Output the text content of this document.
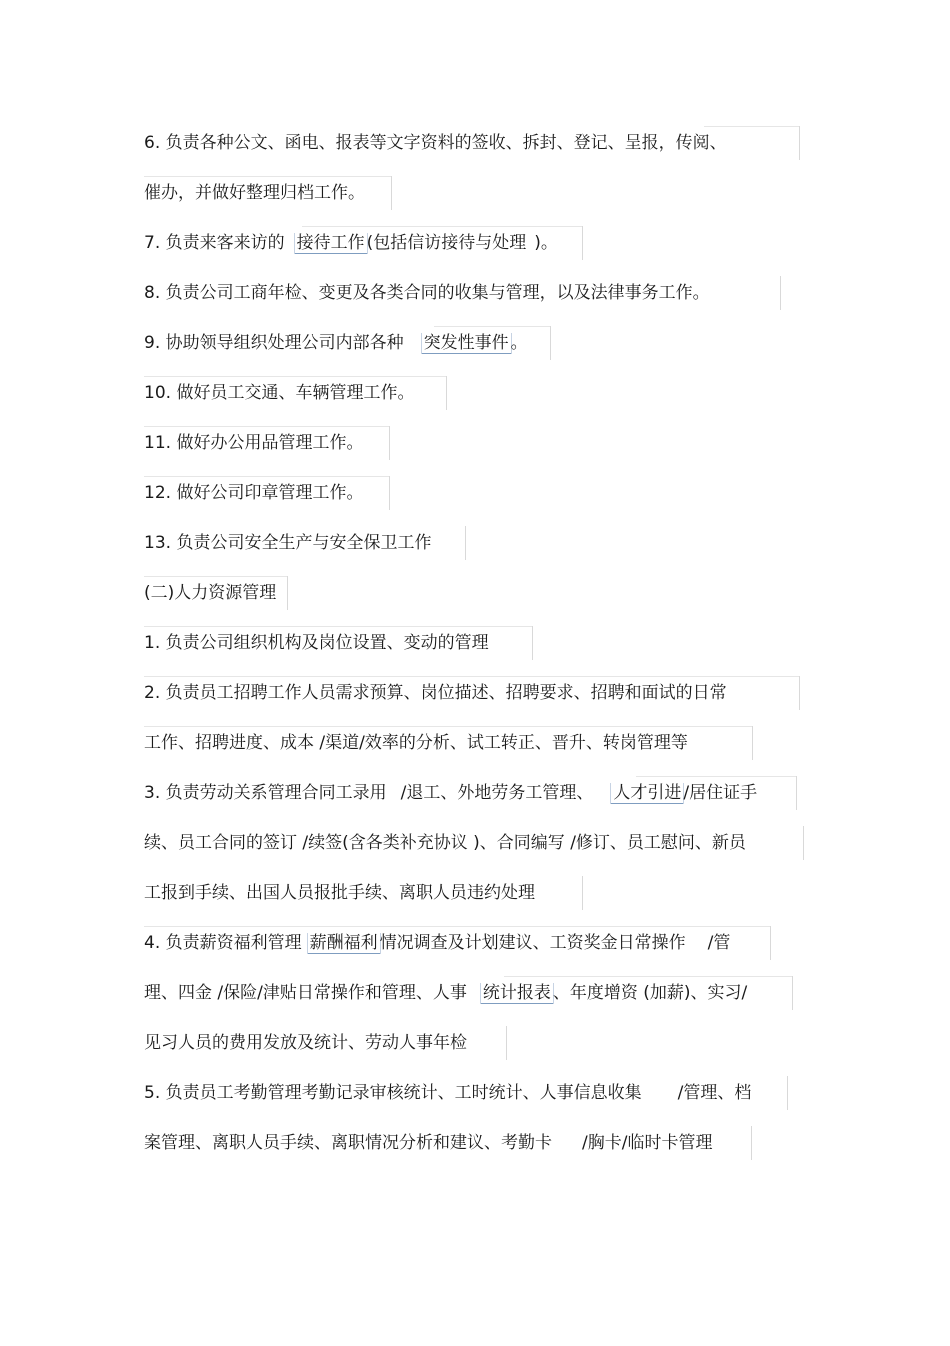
6. 负责各种公文、函电、报表等文字资料的签收、拆封、登记、呈报，传阅、
催办，并做好整理归档工作。
7. 负责来客来访的 接待工作 (包括信访接待与处理 )。
8. 负责公司工商年检、变更及各类合同的收集与管理，以及法律事务工作。
9. 协助领导组织处理公司内部各种 突发性事件 。
10. 做好员工交通、车辆管理工作。
11. 做好办公用品管理工作。
12. 做好公司印章管理工作。
13. 负责公司安全生产与安全保卫工作
(二)人力资源管理
1. 负责公司组织机构及岗位设置、变动的管理
2. 负责员工招聘工作人员需求预算、岗位描述、招聘要求、招聘和面试的日常
工作、招聘进度、成本 /渠道/效率的分析、试工转正、晋升、转岗管理等
3. 负责劳动关系管理合同工录用 /退工、外地劳务工管理、 人才引进 /居住证手
续、员工合同的签订 /续签(含各类补充协议 )、合同编写 /修订、员工慰问、新员
工报到手续、出国人员报批手续、离职人员违约处理
4. 负责薪资福利管理 薪酬福利 情况调查及计划建议、工资奖金日常操作 /管
理、四金 /保险/津贴日常操作和管理、人事 统计报表 、年度增资 (加薪)、实习/
见习人员的费用发放及统计、劳动人事年检
5. 负责员工考勤管理考勤记录审核统计、工时统计、人事信息收集 /管理、档
案管理、离职人员手续、离职情况分析和建议、考勤卡 /胸卡/临时卡管理
